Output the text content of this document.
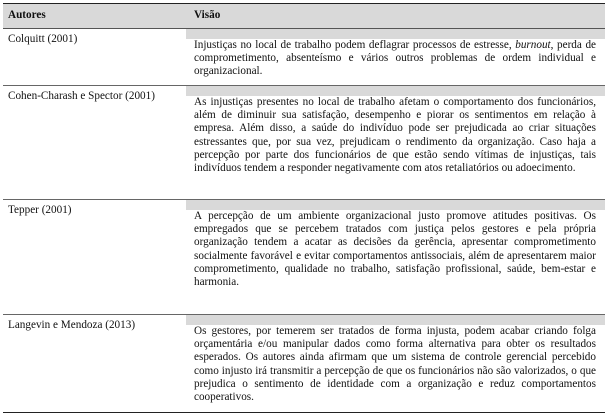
Autores	Visão
Colquitt (2001)	Injustiças no local de trabalho podem deflagrar processos de estresse, burnout, perda de comprometimento, absenteísmo e vários outros problemas de ordem individual e organizacional.
Cohen-Charash e Spector (2001)	As injustiças presentes no local de trabalho afetam o comportamento dos funcionários, além de diminuir sua satisfação, desempenho e piorar os sentimentos em relação à empresa. Além disso, a saúde do indivíduo pode ser prejudicada ao criar situações estressantes que, por sua vez, prejudicam o rendimento da organização. Caso haja a percepção por parte dos funcionários de que estão sendo vítimas de injustiças, tais indivíduos tendem a responder negativamente com atos retaliatórios ou adoecimento.
Tepper (2001)	A percepção de um ambiente organizacional justo promove atitudes positivas. Os empregados que se percebem tratados com justiça pelos gestores e pela própria organização tendem a acatar as decisões da gerência, apresentar comprometimento socialmente favorável e evitar comportamentos antissociais, além de apresentarem maior comprometimento, qualidade no trabalho, satisfação profissional, saúde, bem-estar e harmonia.
Langevin e Mendoza (2013)	Os gestores, por temerem ser tratados de forma injusta, podem acabar criando folga orçamentária e/ou manipular dados como forma alternativa para obter os resultados esperados. Os autores ainda afirmam que um sistema de controle gerencial percebido como injusto irá transmitir a percepção de que os funcionários não são valorizados, o que prejudica o sentimento de identidade com a organização e reduz comportamentos cooperativos.
